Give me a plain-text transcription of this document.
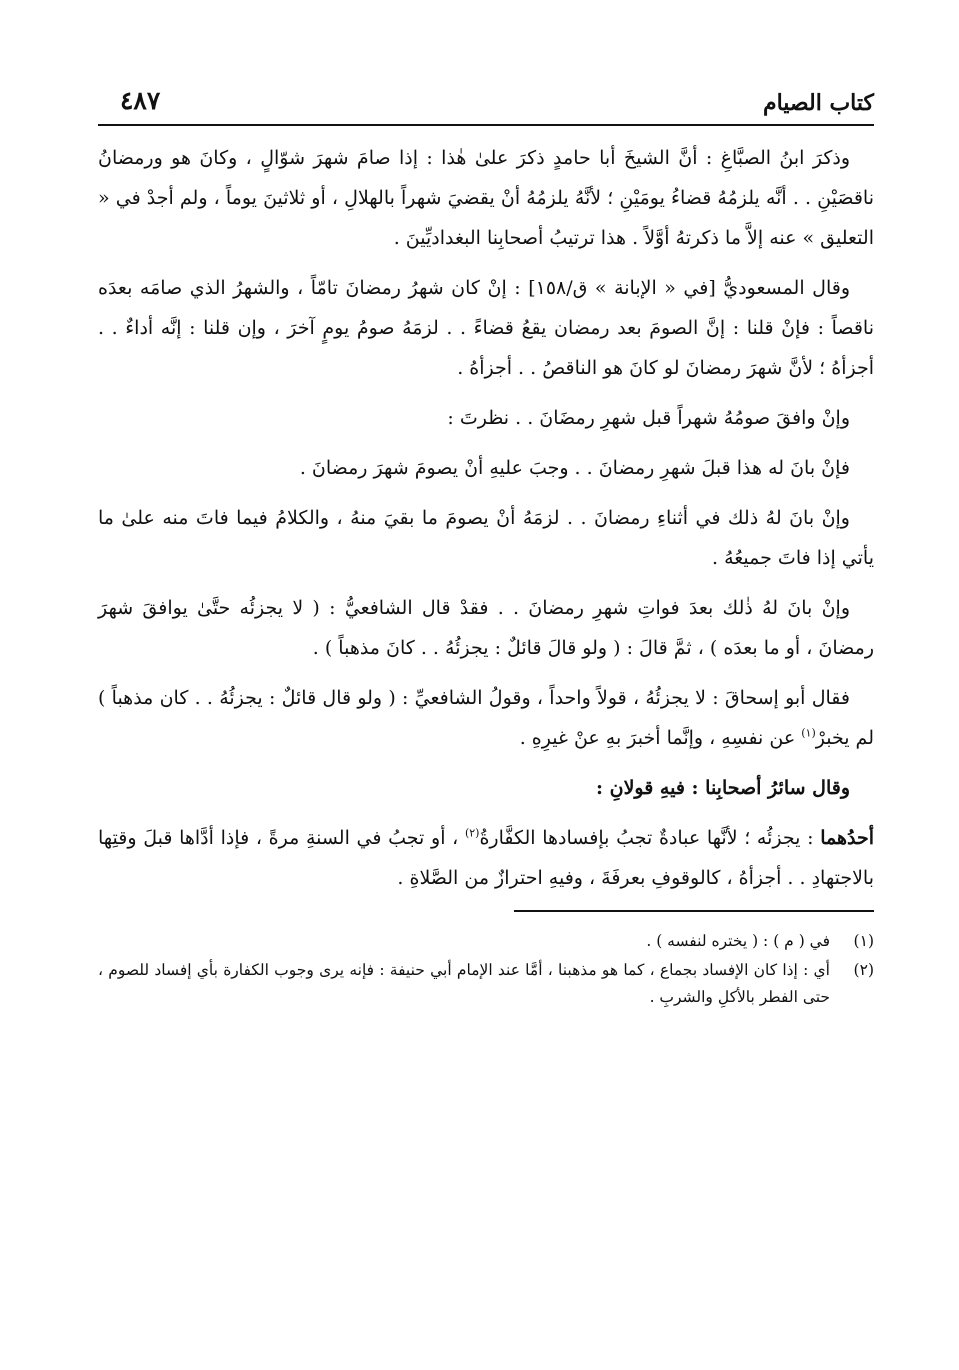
كتاب الصيام
٤٨٧

وذكرَ ابنُ الصبَّاغِ : أنَّ الشيخَ أبا حامدٍ ذكرَ علىٰ هٰذا : إذا صامَ شهرَ شوّالٍ ، وكانَ هو ورمضانُ ناقصَيْنِ . . أنَّه يلزمُهُ قضاءُ يومَيْنِ ؛ لأنَّهُ يلزمُهُ أنْ يقضيَ شهراً بالهلالِ ، أو ثلاثينَ يوماً ، ولم أجدْ في « التعليق » عنه إلاَّ ما ذكرتهُ أوَّلاً . هذا ترتيبُ أصحابِنا البغداديِّينَ .

وقال المسعوديُّ [في « الإبانة » ق/١٥٨] : إنْ كان شهرُ رمضانَ تامّاً ، والشهرُ الذي صامَه بعدَه ناقصاً : فإنْ قلنا : إنَّ الصومَ بعد رمضان يقعُ قضاءً . . لزمَهُ صومُ يومٍ آخرَ ، وإن قلنا : إنَّه أداءٌ . . أجزأهُ ؛ لأنَّ شهرَ رمضانَ لو كانَ هو الناقصُ . . أجزأهُ .

وإنْ وافقَ صومُهُ شهراً قبل شهرِ رمضَانَ . . نظرتَ :

فإنْ بانَ له هذا قبلَ شهرِ رمضانَ . . وجبَ عليهِ أنْ يصومَ شهرَ رمضانَ .

وإنْ بانَ لهُ ذلك في أثناءِ رمضانَ . . لزمَهُ أنْ يصومَ ما بقيَ منهُ ، والكلامُ فيما فاتَ منه علىٰ ما يأتي إذا فاتَ جميعُهُ .

وإنْ بانَ لهُ ذٰلك بعدَ فواتِ شهرِ رمضانَ . . فقدْ قال الشافعيُّ : ( لا يجزئُه حتَّىٰ يوافقَ شهرَ رمضانَ ، أو ما بعدَه ) ، ثمَّ قالَ : ( ولو قالَ قائلٌ : يجزئُهُ . . كانَ مذهباً ) .

فقال أبو إسحاقَ : لا يجزئُهُ ، قولاً واحداً ، وقولُ الشافعيِّ : ( ولو قال قائلٌ : يجزئُهُ . . كان مذهباً ) لم يخبرْ$^{(١)}$ عن نفسِهِ ، وإنَّما أخبرَ بهِ عنْ غيرِهِ .

وقال سائرُ أصحابِنا : فيهِ قولانِ :

أحدُهما : يجزئُه ؛ لأنَّها عبادةٌ تجبُ بإفسادها الكفَّارةُ$^{(٢)}$ ، أو تجبُ في السنةِ مرةً ، فإذا أدَّاها قبلَ وقتِها بالاجتهادِ . . أجزأهُ ، كالوقوفِ بعرفَةَ ، وفيهِ احترازٌ من الصَّلاةِ .

(١)
في ( م ) : ( يختره لنفسه ) .
(٢)
أي : إذا كان الإفساد بجماع ، كما هو مذهبنا ، أمَّا عند الإمام أبي حنيفة : فإنه يرى وجوب الكفارة بأي إفساد للصوم ، حتى الفطر بالأكلِ والشربِ .
